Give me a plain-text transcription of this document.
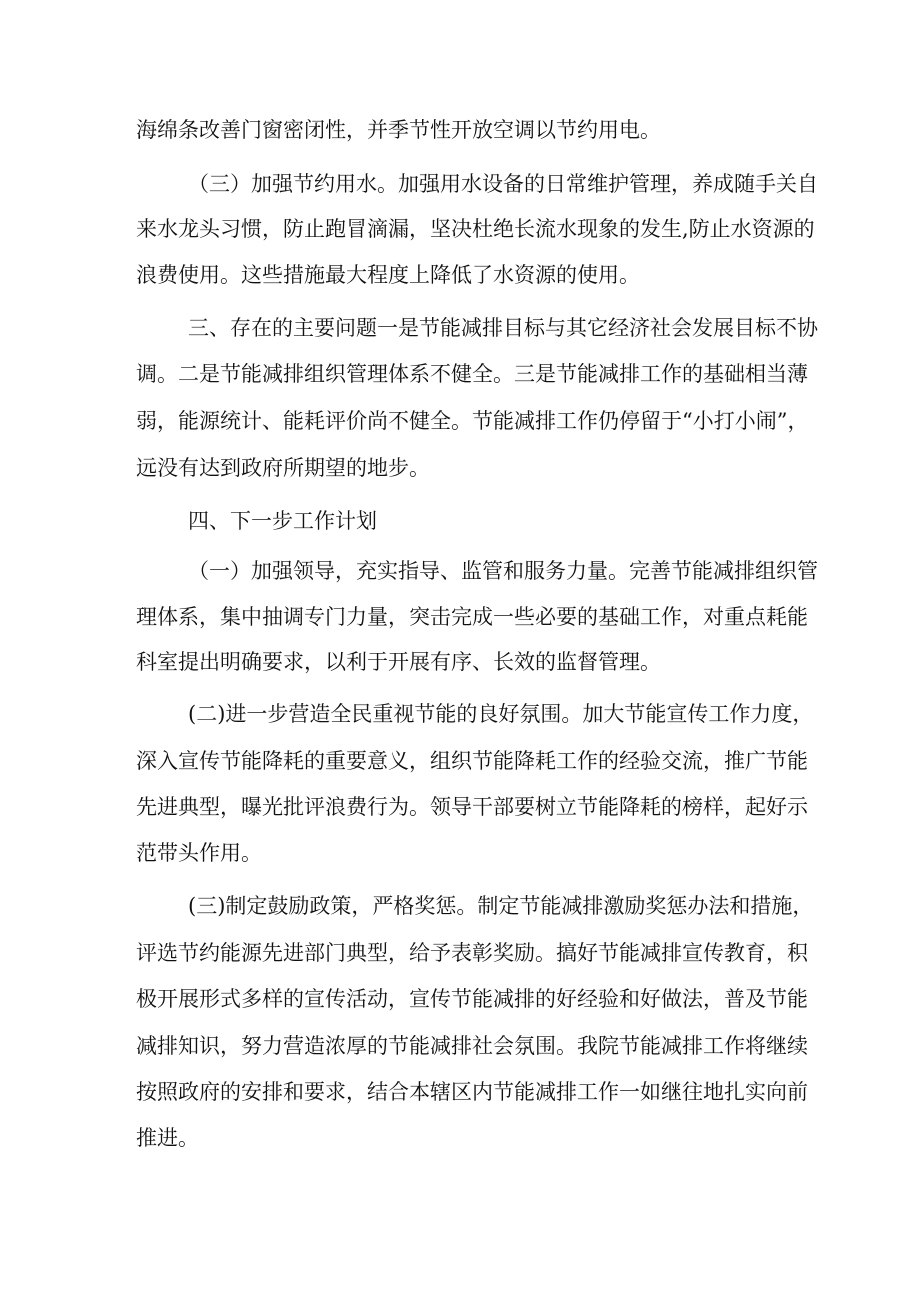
海绵条改善门窗密闭性，并季节性开放空调以节约用电。
（三）加强节约用水。加强用水设备的日常维护管理，养成随手关自
来水龙头习惯，防止跑冒滴漏，坚决杜绝长流水现象的发生,防止水资源的
浪费使用。这些措施最大程度上降低了水资源的使用。
三、存在的主要问题一是节能减排目标与其它经济社会发展目标不协
调。二是节能减排组织管理体系不健全。三是节能减排工作的基础相当薄
弱，能源统计、能耗评价尚不健全。节能减排工作仍停留于“小打小闹”，
远没有达到政府所期望的地步。
四、下一步工作计划
（一）加强领导，充实指导、监管和服务力量。完善节能减排组织管
理体系，集中抽调专门力量，突击完成一些必要的基础工作，对重点耗能
科室提出明确要求，以利于开展有序、长效的监督管理。
(二)进一步营造全民重视节能的良好氛围。加大节能宣传工作力度，
深入宣传节能降耗的重要意义，组织节能降耗工作的经验交流，推广节能
先进典型，曝光批评浪费行为。领导干部要树立节能降耗的榜样，起好示
范带头作用。
(三)制定鼓励政策，严格奖惩。制定节能减排激励奖惩办法和措施，
评选节约能源先进部门典型，给予表彰奖励。搞好节能减排宣传教育，积
极开展形式多样的宣传活动，宣传节能减排的好经验和好做法，普及节能
减排知识，努力营造浓厚的节能减排社会氛围。我院节能减排工作将继续
按照政府的安排和要求，结合本辖区内节能减排工作一如继往地扎实向前
推进。
